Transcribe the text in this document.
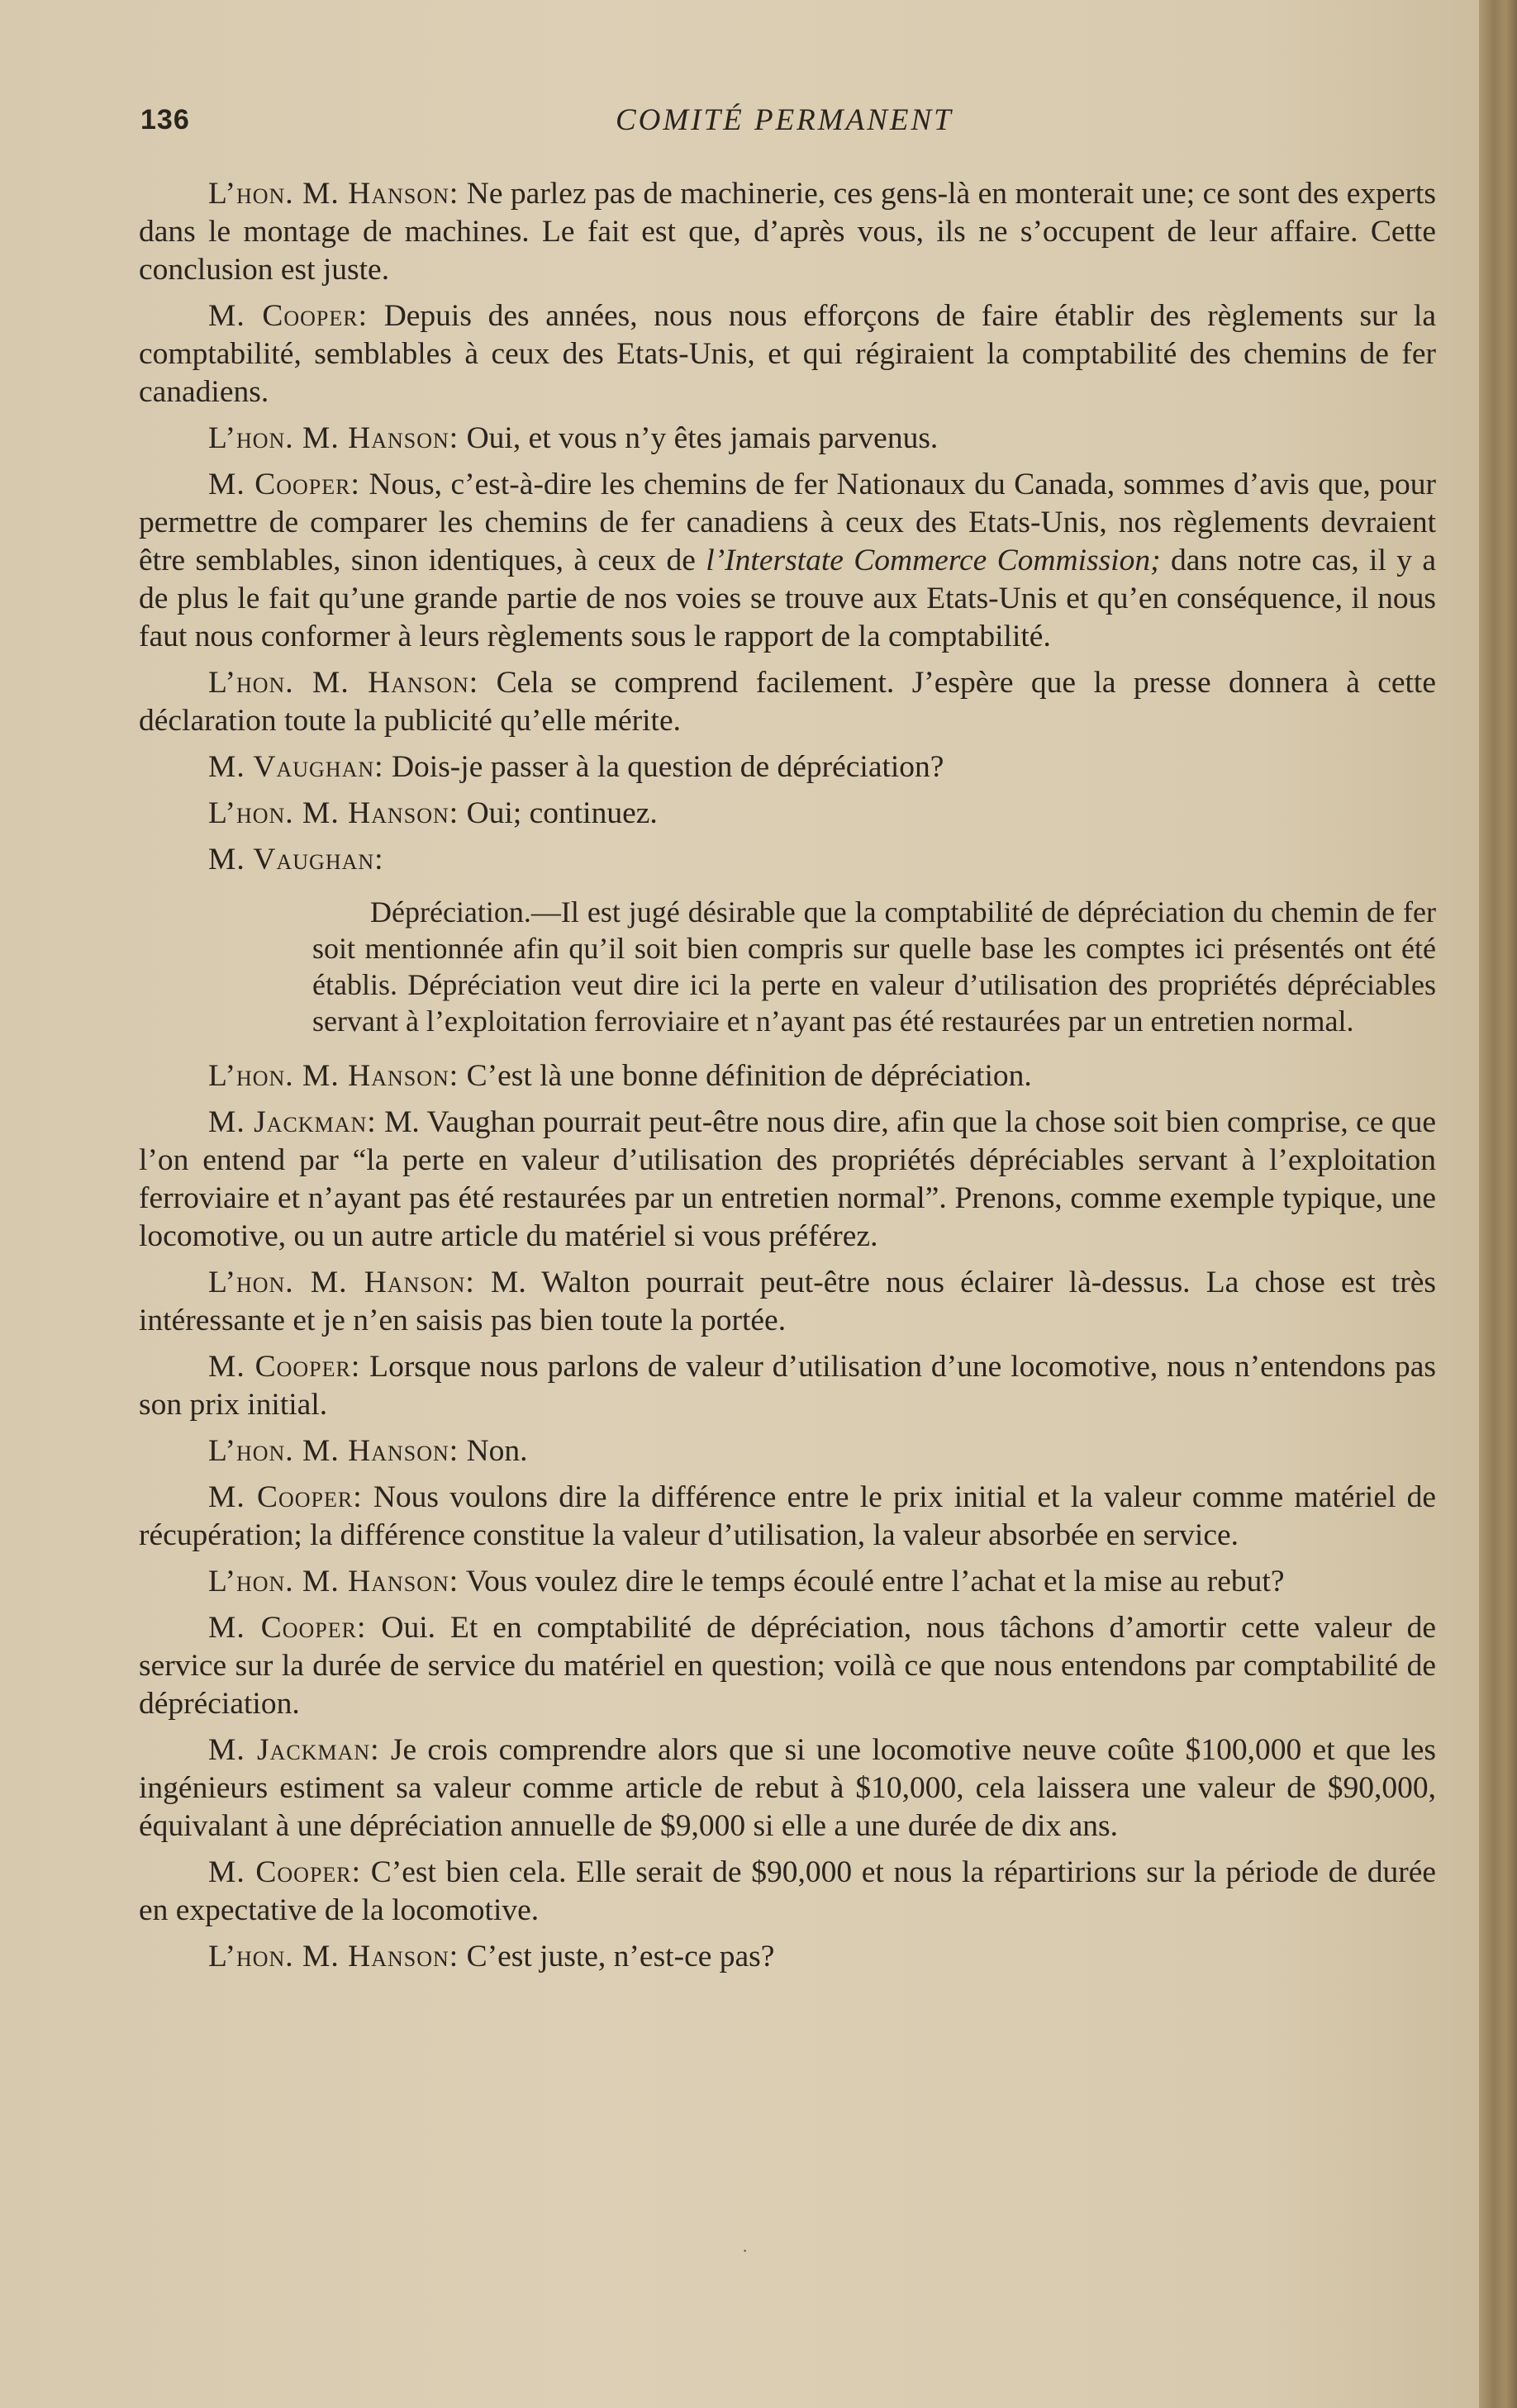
136	COMITÉ PERMANENT

L’hon. M. Hanson: Ne parlez pas de machinerie, ces gens-là en monterait une; ce sont des experts dans le montage de machines. Le fait est que, d’après vous, ils ne s’occupent de leur affaire. Cette conclusion est juste.

M. Cooper: Depuis des années, nous nous efforçons de faire établir des règlements sur la comptabilité, semblables à ceux des Etats-Unis, et qui régiraient la comptabilité des chemins de fer canadiens.

L’hon. M. Hanson: Oui, et vous n’y êtes jamais parvenus.

M. Cooper: Nous, c’est-à-dire les chemins de fer Nationaux du Canada, sommes d’avis que, pour permettre de comparer les chemins de fer canadiens à ceux des Etats-Unis, nos règlements devraient être semblables, sinon identiques, à ceux de l’Interstate Commerce Commission; dans notre cas, il y a de plus le fait qu’une grande partie de nos voies se trouve aux Etats-Unis et qu’en conséquence, il nous faut nous conformer à leurs règlements sous le rapport de la comptabilité.

L’hon. M. Hanson: Cela se comprend facilement. J’espère que la presse donnera à cette déclaration toute la publicité qu’elle mérite.

M. Vaughan: Dois-je passer à la question de dépréciation?

L’hon. M. Hanson: Oui; continuez.

M. Vaughan:

Dépréciation.—Il est jugé désirable que la comptabilité de dépréciation du chemin de fer soit mentionnée afin qu’il soit bien compris sur quelle base les comptes ici présentés ont été établis. Dépréciation veut dire ici la perte en valeur d’utilisation des propriétés dépréciables servant à l’exploitation ferroviaire et n’ayant pas été restaurées par un entretien normal.

L’hon. M. Hanson: C’est là une bonne définition de dépréciation.

M. Jackman: M. Vaughan pourrait peut-être nous dire, afin que la chose soit bien comprise, ce que l’on entend par “la perte en valeur d’utilisation des propriétés dépréciables servant à l’exploitation ferroviaire et n’ayant pas été restaurées par un entretien normal”. Prenons, comme exemple typique, une locomotive, ou un autre article du matériel si vous préférez.

L’hon. M. Hanson: M. Walton pourrait peut-être nous éclairer là-dessus. La chose est très intéressante et je n’en saisis pas bien toute la portée.

M. Cooper: Lorsque nous parlons de valeur d’utilisation d’une locomotive, nous n’entendons pas son prix initial.

L’hon. M. Hanson: Non.

M. Cooper: Nous voulons dire la différence entre le prix initial et la valeur comme matériel de récupération; la différence constitue la valeur d’utilisation, la valeur absorbée en service.

L’hon. M. Hanson: Vous voulez dire le temps écoulé entre l’achat et la mise au rebut?

M. Cooper: Oui. Et en comptabilité de dépréciation, nous tâchons d’amortir cette valeur de service sur la durée de service du matériel en question; voilà ce que nous entendons par comptabilité de dépréciation.

M. Jackman: Je crois comprendre alors que si une locomotive neuve coûte $100,000 et que les ingénieurs estiment sa valeur comme article de rebut à $10,000, cela laissera une valeur de $90,000, équivalant à une dépréciation annuelle de $9,000 si elle a une durée de dix ans.

M. Cooper: C’est bien cela. Elle serait de $90,000 et nous la répartirions sur la période de durée en expectative de la locomotive.

L’hon. M. Hanson: C’est juste, n’est-ce pas?

·
